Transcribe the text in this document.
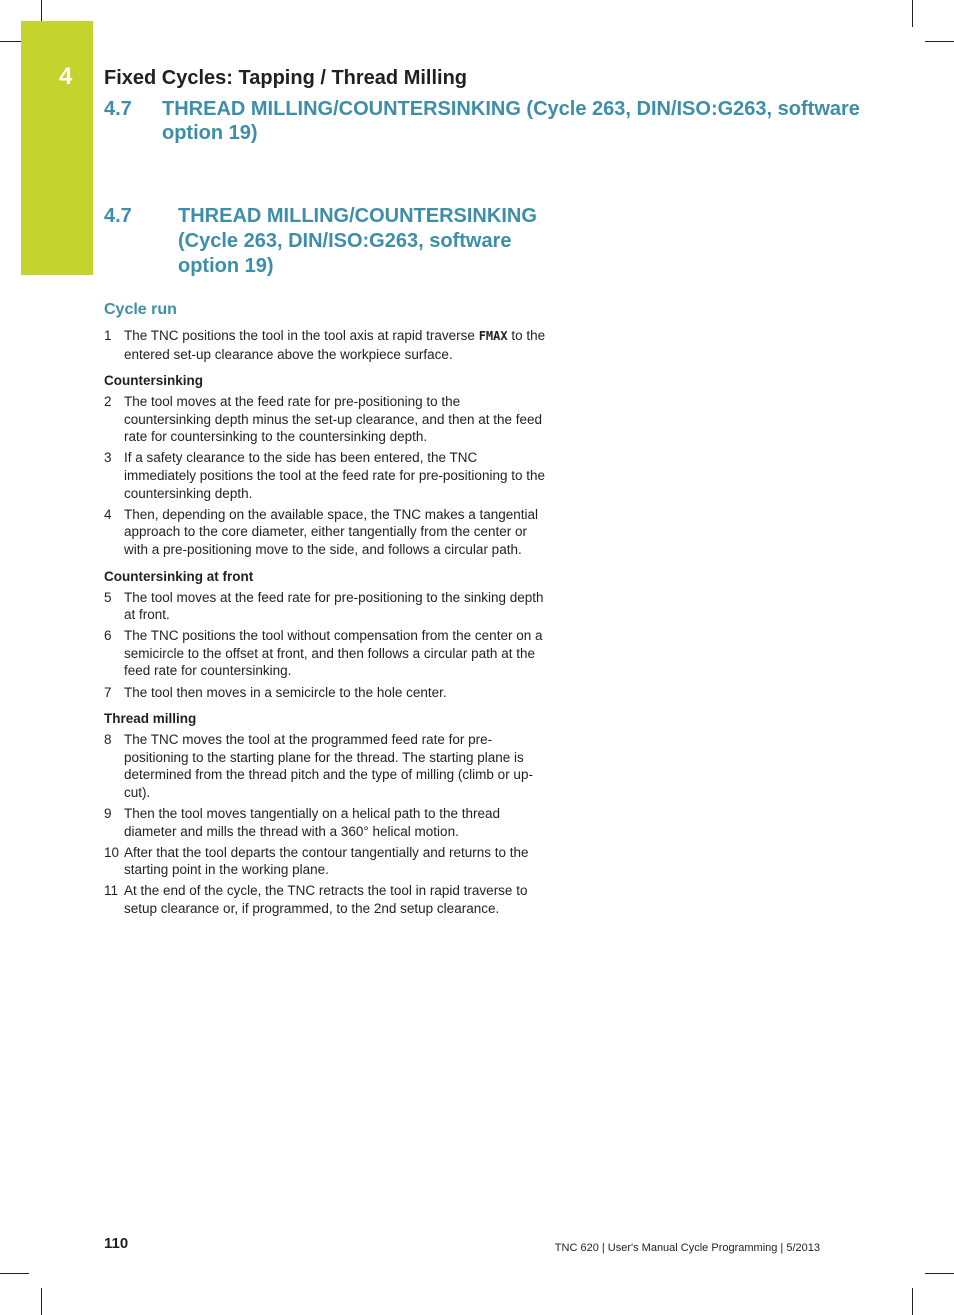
4 Fixed Cycles: Tapping / Thread Milling
4.7 THREAD MILLING/COUNTERSINKING (Cycle 263, DIN/ISO:G263, software option 19)
4.7 THREAD MILLING/COUNTERSINKING (Cycle 263, DIN/ISO:G263, software option 19)
Cycle run
1 The TNC positions the tool in the tool axis at rapid traverse FMAX to the entered set-up clearance above the workpiece surface.
Countersinking
2 The tool moves at the feed rate for pre-positioning to the countersinking depth minus the set-up clearance, and then at the feed rate for countersinking to the countersinking depth.
3 If a safety clearance to the side has been entered, the TNC immediately positions the tool at the feed rate for pre-positioning to the countersinking depth.
4 Then, depending on the available space, the TNC makes a tangential approach to the core diameter, either tangentially from the center or with a pre-positioning move to the side, and follows a circular path.
Countersinking at front
5 The tool moves at the feed rate for pre-positioning to the sinking depth at front.
6 The TNC positions the tool without compensation from the center on a semicircle to the offset at front, and then follows a circular path at the feed rate for countersinking.
7 The tool then moves in a semicircle to the hole center.
Thread milling
8 The TNC moves the tool at the programmed feed rate for pre-positioning to the starting plane for the thread. The starting plane is determined from the thread pitch and the type of milling (climb or up-cut).
9 Then the tool moves tangentially on a helical path to the thread diameter and mills the thread with a 360° helical motion.
10 After that the tool departs the contour tangentially and returns to the starting point in the working plane.
11 At the end of the cycle, the TNC retracts the tool in rapid traverse to setup clearance or, if programmed, to the 2nd setup clearance.
110	TNC 620 | User's Manual Cycle Programming | 5/2013
